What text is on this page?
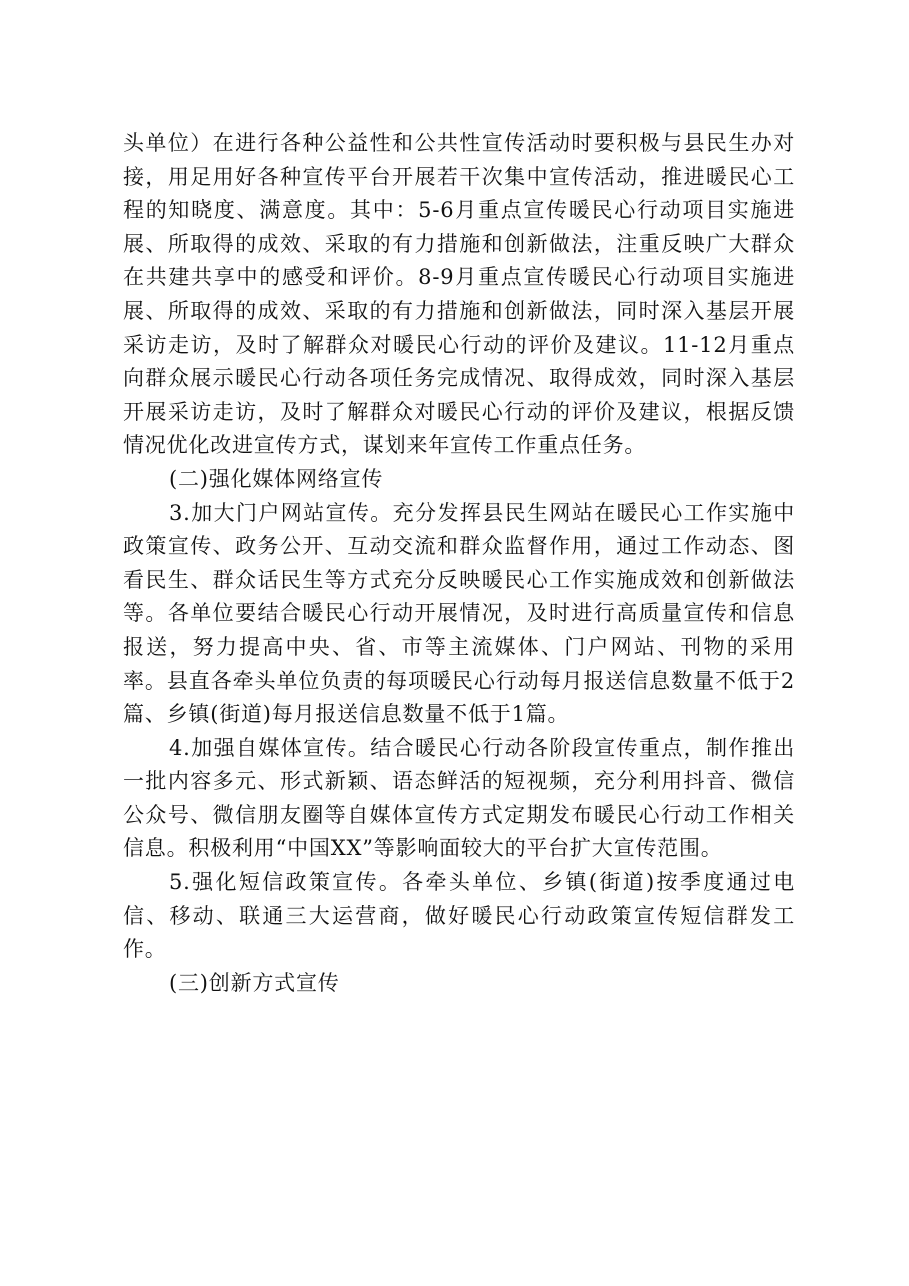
头单位）在进行各种公益性和公共性宣传活动时要积极与县民生办对接，用足用好各种宣传平台开展若干次集中宣传活动，推进暖民心工程的知晓度、满意度。其中：5-6月重点宣传暖民心行动项目实施进展、所取得的成效、采取的有力措施和创新做法，注重反映广大群众在共建共享中的感受和评价。8-9月重点宣传暖民心行动项目实施进展、所取得的成效、采取的有力措施和创新做法，同时深入基层开展采访走访，及时了解群众对暖民心行动的评价及建议。11-12月重点向群众展示暖民心行动各项任务完成情况、取得成效，同时深入基层开展采访走访，及时了解群众对暖民心行动的评价及建议，根据反馈情况优化改进宣传方式，谋划来年宣传工作重点任务。

(二)强化媒体网络宣传

3.加大门户网站宣传。充分发挥县民生网站在暖民心工作实施中政策宣传、政务公开、互动交流和群众监督作用，通过工作动态、图看民生、群众话民生等方式充分反映暖民心工作实施成效和创新做法等。各单位要结合暖民心行动开展情况，及时进行高质量宣传和信息报送，努力提高中央、省、市等主流媒体、门户网站、刊物的采用率。县直各牵头单位负责的每项暖民心行动每月报送信息数量不低于2篇、乡镇(街道)每月报送信息数量不低于1篇。

4.加强自媒体宣传。结合暖民心行动各阶段宣传重点，制作推出一批内容多元、形式新颖、语态鲜活的短视频，充分利用抖音、微信公众号、微信朋友圈等自媒体宣传方式定期发布暖民心行动工作相关信息。积极利用“中国XX”等影响面较大的平台扩大宣传范围。

5.强化短信政策宣传。各牵头单位、乡镇(街道)按季度通过电信、移动、联通三大运营商，做好暖民心行动政策宣传短信群发工作。

(三)创新方式宣传
